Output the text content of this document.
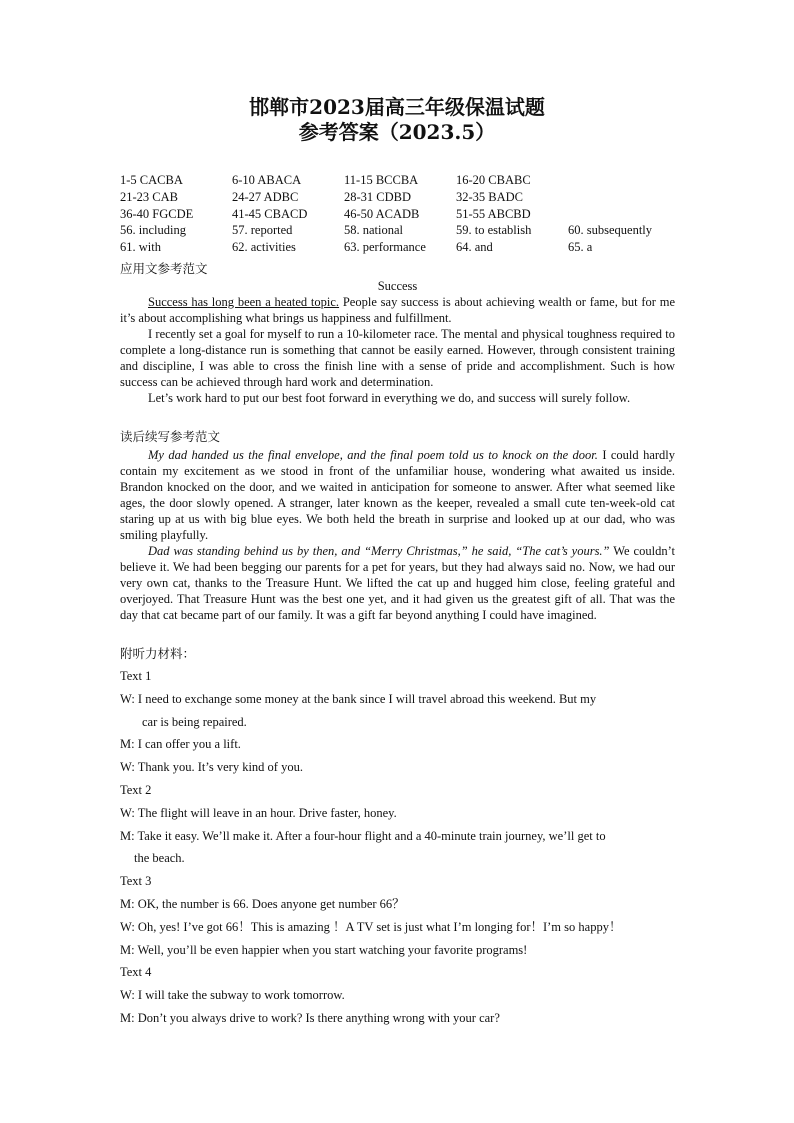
邯郸市2023届高三年级保温试题
参考答案（2023.5）
1-5 CACBA	6-10 ABACA	11-15 BCCBA	16-20 CBABC	
21-23 CAB	24-27 ADBC	28-31 CDBD	32-35 BADC	
36-40 FGCDE	41-45 CBACD	46-50 ACADB	51-55 ABCBD	
56. including	57. reported	58. national	59. to establish	60. subsequently
61. with	62. activities	63. performance	64. and	65. a
应用文参考范文
Success

Success has long been a heated topic. People say success is about achieving wealth or fame, but for me it’s about accomplishing what brings us happiness and fulfillment.

I recently set a goal for myself to run a 10-kilometer race. The mental and physical toughness required to complete a long-distance run is something that cannot be easily earned. However, through consistent training and discipline, I was able to cross the finish line with a sense of pride and accomplishment. Such is how success can be achieved through hard work and determination.

Let’s work hard to put our best foot forward in everything we do, and success will surely follow.

读后续写参考范文

My dad handed us the final envelope, and the final poem told us to knock on the door. I could hardly contain my excitement as we stood in front of the unfamiliar house, wondering what awaited us inside. Brandon knocked on the door, and we waited in anticipation for someone to answer. After what seemed like ages, the door slowly opened. A stranger, later known as the keeper, revealed a small cute ten-week-old cat staring up at us with big blue eyes. We both held the breath in surprise and looked up at our dad, who was smiling playfully.

Dad was standing behind us by then, and “Merry Christmas,” he said, “The cat’s yours.” We couldn’t believe it. We had been begging our parents for a pet for years, but they had always said no. Now, we had our very own cat, thanks to the Treasure Hunt. We lifted the cat up and hugged him close, feeling grateful and overjoyed. That Treasure Hunt was the best one yet, and it had given us the greatest gift of all. That was the day that cat became part of our family. It was a gift far beyond anything I could have imagined.

附听力材料：
Text 1
W: I need to exchange some money at the bank since I will travel abroad this weekend. But my
car is being repaired.
M: I can offer you a lift.
W: Thank you. It’s very kind of you.
Text 2
W: The flight will leave in an hour. Drive faster, honey.
M: Take it easy. We’ll make it. After a four-hour flight and a 40-minute train journey, we’ll get to
the beach.
Text 3
M: OK, the number is 66. Does anyone get number 66？
W: Oh, yes! I’ve got 66！This is amazing ！A TV set is just what I’m longing for！I’m so happy！
M: Well, you’ll be even happier when you start watching your favorite programs!
Text 4
W: I will take the subway to work tomorrow.
M: Don’t you always drive to work? Is there anything wrong with your car?
